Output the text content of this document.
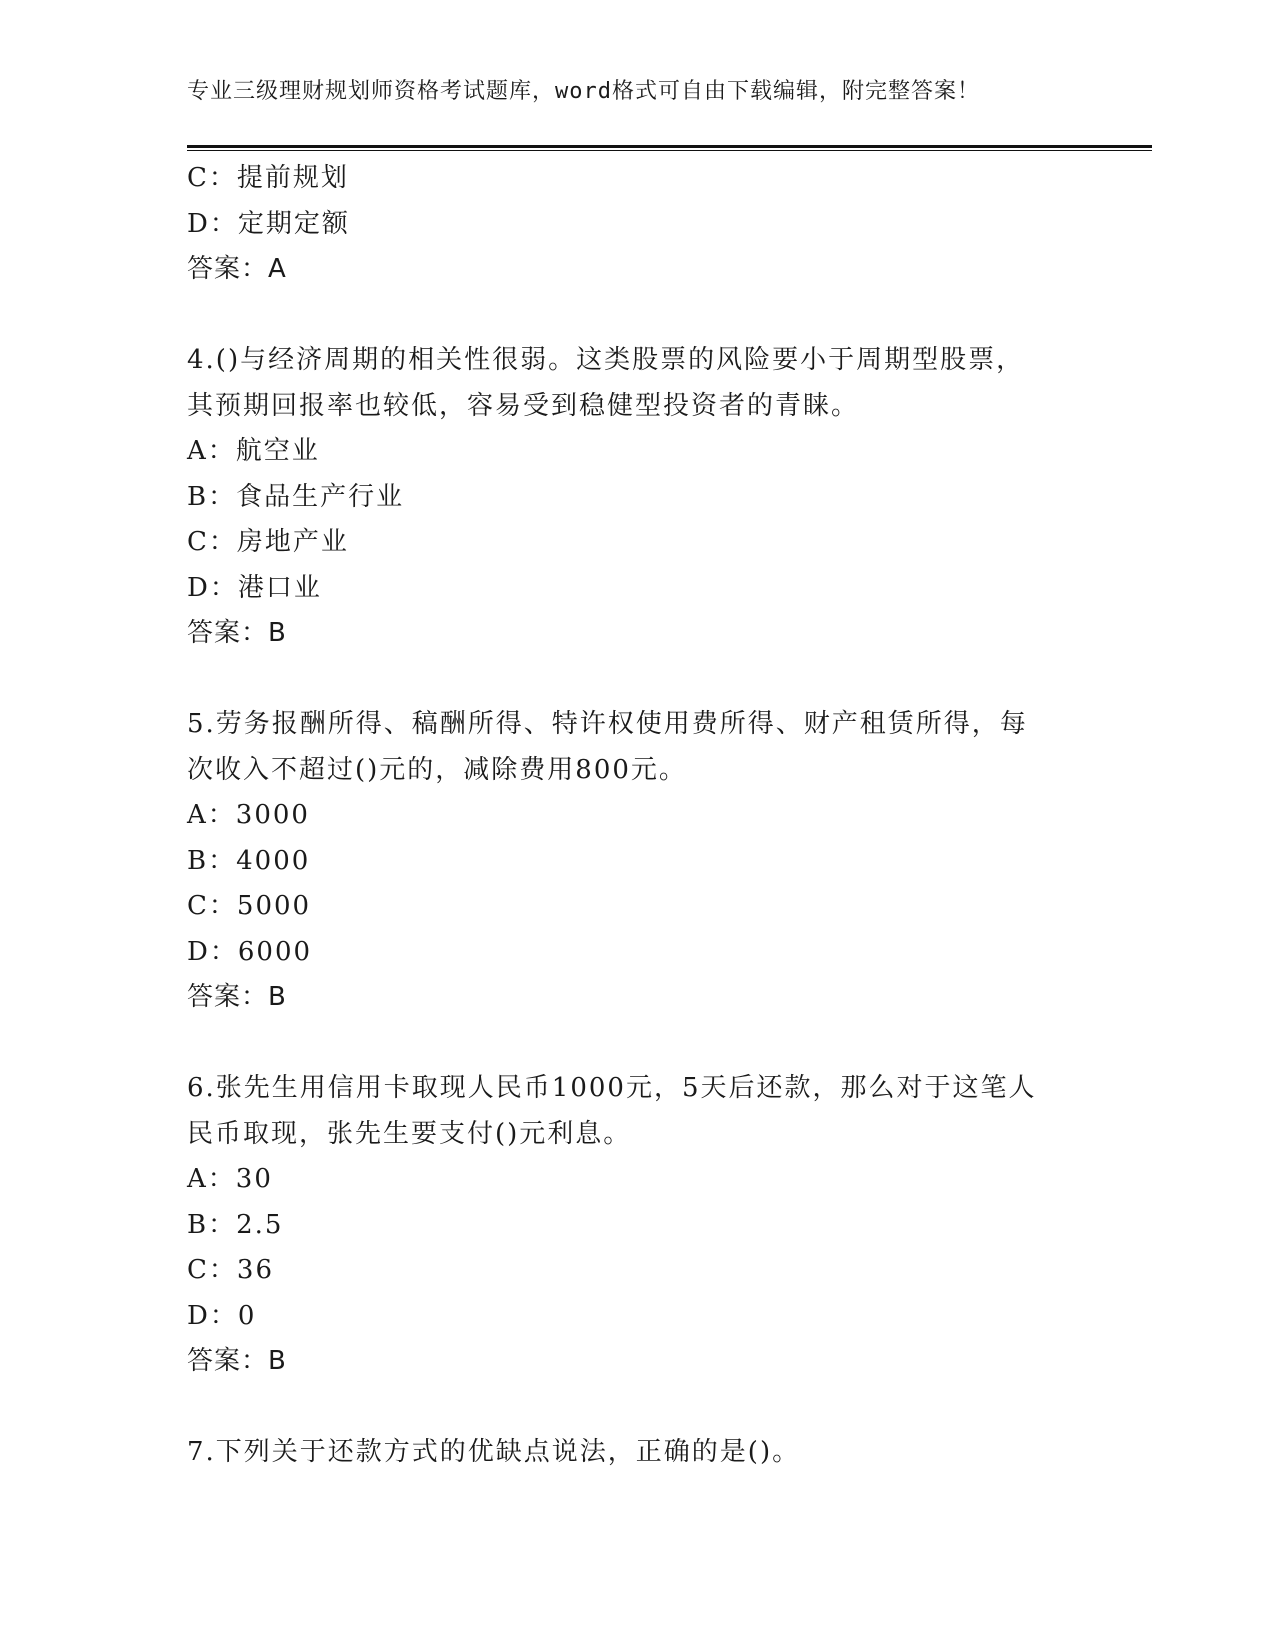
专业三级理财规划师资格考试题库，word格式可自由下载编辑，附完整答案！
C：提前规划
D：定期定额
答案：A
4.()与经济周期的相关性很弱。这类股票的风险要小于周期型股票，
其预期回报率也较低，容易受到稳健型投资者的青睐。
A：航空业
B：食品生产行业
C：房地产业
D：港口业
答案：B
5.劳务报酬所得、稿酬所得、特许权使用费所得、财产租赁所得，每
次收入不超过()元的，减除费用800元。
A：3000
B：4000
C：5000
D：6000
答案：B
6.张先生用信用卡取现人民币1000元，5天后还款，那么对于这笔人
民币取现，张先生要支付()元利息。
A：30
B：2.5
C：36
D：0
答案：B
7.下列关于还款方式的优缺点说法，正确的是()。
